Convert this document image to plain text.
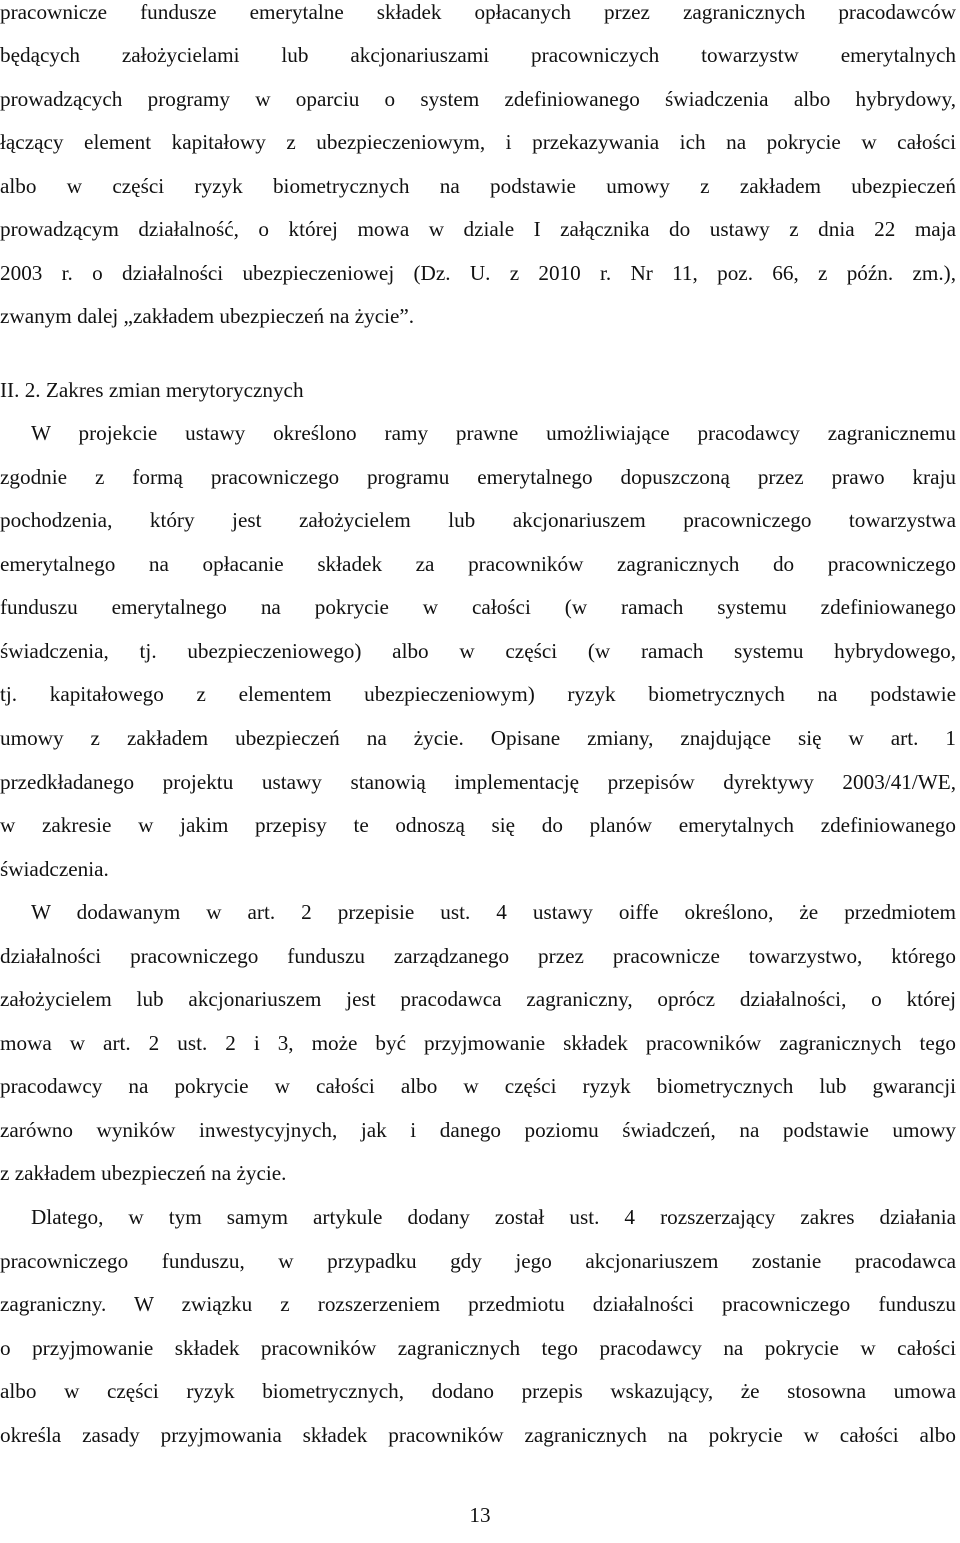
pracownicze fundusze emerytalne składek opłacanych przez zagranicznych pracodawców
będących założycielami lub akcjonariuszami pracowniczych towarzystw emerytalnych
prowadzących programy w oparciu o system zdefiniowanego świadczenia albo hybrydowy,
łączący element kapitałowy z ubezpieczeniowym, i przekazywania ich na pokrycie w całości
albo w części ryzyk biometrycznych na podstawie umowy z zakładem ubezpieczeń
prowadzącym działalność, o której mowa w dziale I załącznika do ustawy z dnia 22 maja
2003 r. o działalności ubezpieczeniowej (Dz. U. z 2010 r. Nr 11, poz. 66, z późn. zm.),
zwanym dalej „zakładem ubezpieczeń na życie”.
II. 2. Zakres zmian merytorycznych
W projekcie ustawy określono ramy prawne umożliwiające pracodawcy zagranicznemu
zgodnie z formą pracowniczego programu emerytalnego dopuszczoną przez prawo kraju
pochodzenia, który jest założycielem lub akcjonariuszem pracowniczego towarzystwa
emerytalnego na opłacanie składek za pracowników zagranicznych do pracowniczego
funduszu emerytalnego na pokrycie w całości (w ramach systemu zdefiniowanego
świadczenia, tj. ubezpieczeniowego) albo w części (w ramach systemu hybrydowego,
tj. kapitałowego z elementem ubezpieczeniowym) ryzyk biometrycznych na podstawie
umowy z zakładem ubezpieczeń na życie. Opisane zmiany, znajdujące się w art. 1
przedkładanego projektu ustawy stanowią implementację przepisów dyrektywy 2003/41/WE,
w zakresie w jakim przepisy te odnoszą się do planów emerytalnych zdefiniowanego
świadczenia.
W dodawanym w art. 2 przepisie ust. 4 ustawy oiffe określono, że przedmiotem
działalności pracowniczego funduszu zarządzanego przez pracownicze towarzystwo, którego
założycielem lub akcjonariuszem jest pracodawca zagraniczny, oprócz działalności, o której
mowa w art. 2 ust. 2 i 3, może być przyjmowanie składek pracowników zagranicznych tego
pracodawcy na pokrycie w całości albo w części ryzyk biometrycznych lub gwarancji
zarówno wyników inwestycyjnych, jak i danego poziomu świadczeń, na podstawie umowy
z zakładem ubezpieczeń na życie.
Dlatego, w tym samym artykule dodany został ust. 4 rozszerzający zakres działania
pracowniczego funduszu, w przypadku gdy jego akcjonariuszem zostanie pracodawca
zagraniczny. W związku z rozszerzeniem przedmiotu działalności pracowniczego funduszu
o przyjmowanie składek pracowników zagranicznych tego pracodawcy na pokrycie w całości
albo w części ryzyk biometrycznych, dodano przepis wskazujący, że stosowna umowa
określa zasady przyjmowania składek pracowników zagranicznych na pokrycie w całości albo
13
